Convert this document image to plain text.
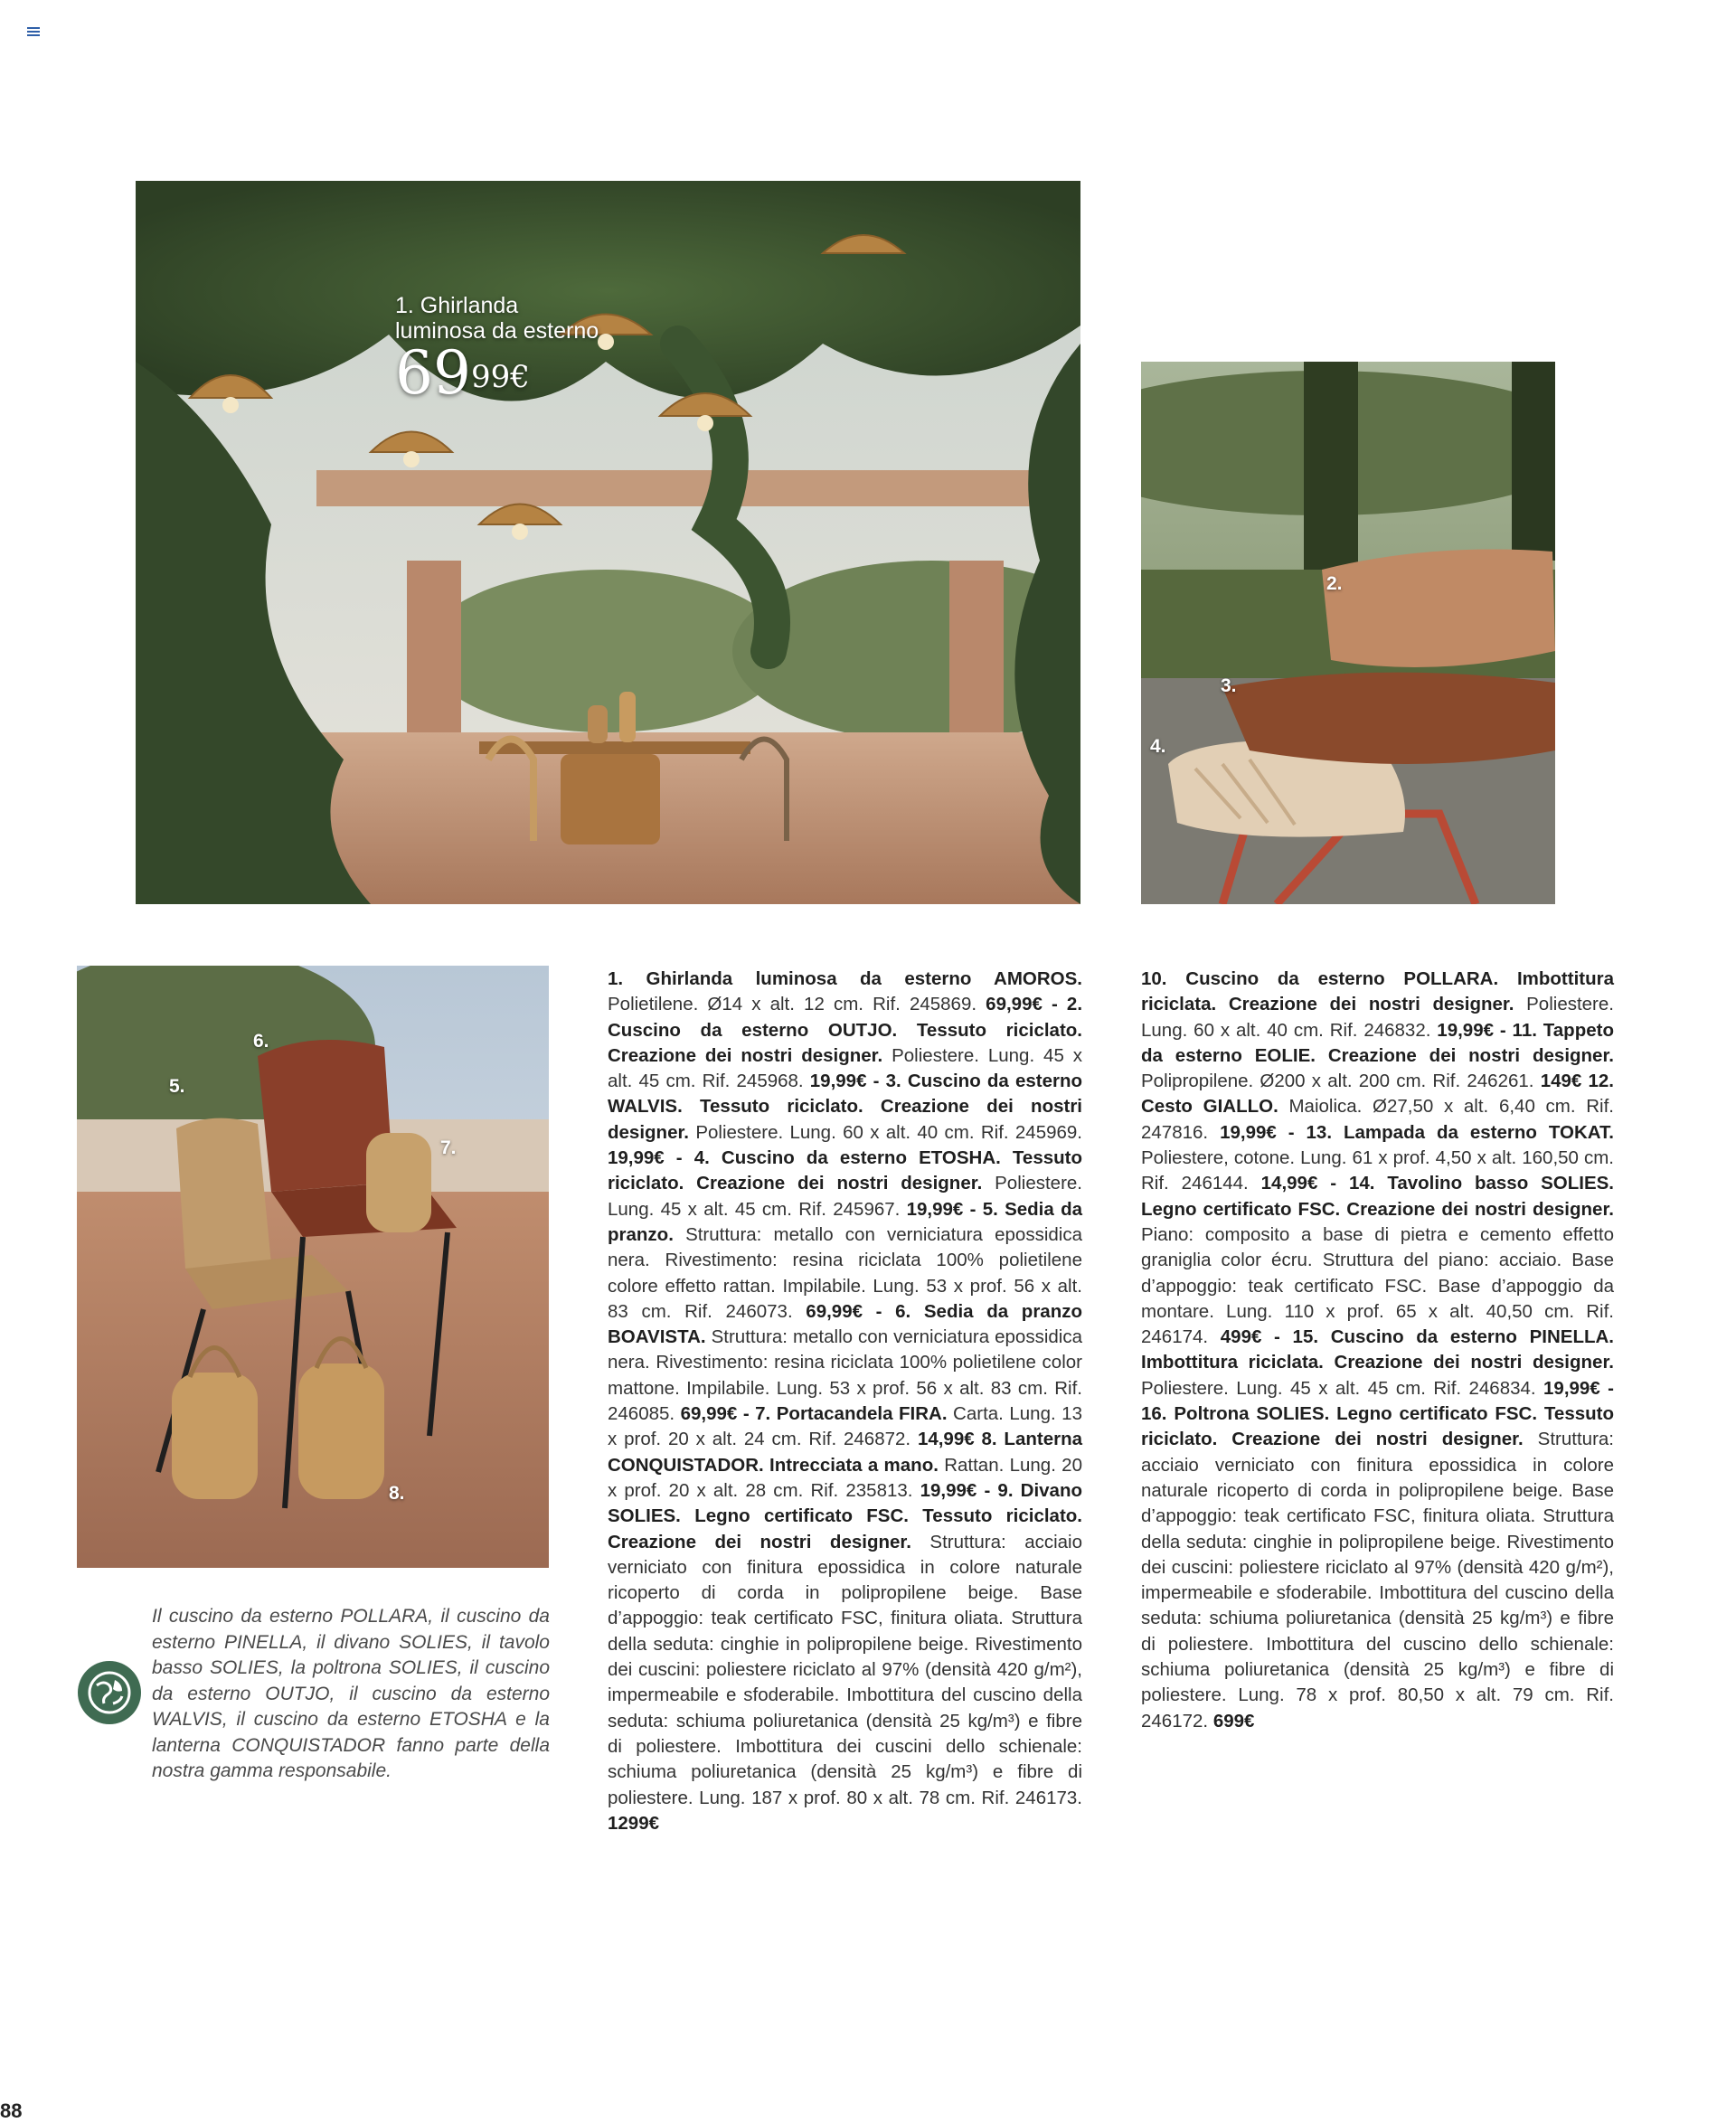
1. Ghirlanda
luminosa da esterno
$69^{99€}$
2.
3.
4.
6.
5.
7.
8.
1. Ghirlanda luminosa da esterno AMOROS. Polietilene. Ø14 x alt. 12 cm. Rif. 245869. 69,99€ - 2. Cuscino da esterno OUTJO. Tessuto riciclato. Creazione dei nostri designer. Poliestere. Lung. 45 x alt. 45 cm. Rif. 245968. 19,99€ - 3. Cuscino da esterno WALVIS. Tessuto riciclato. Creazione dei nostri designer. Poliestere. Lung. 60 x alt. 40 cm. Rif. 245969. 19,99€ - 4. Cuscino da esterno ETOSHA. Tessuto riciclato. Creazione dei nostri designer. Poliestere. Lung. 45 x alt. 45 cm. Rif. 245967. 19,99€ - 5. Sedia da pranzo. Struttura: metallo con verniciatura epossidica nera. Rivestimento: resina riciclata 100% polietilene colore effetto rattan. Impilabile. Lung. 53 x prof. 56 x alt. 83 cm. Rif. 246073. 69,99€ - 6. Sedia da pranzo BOAVISTA. Struttura: metallo con verniciatura epossidica nera. Rivestimento: resina riciclata 100% polietilene color mattone. Impilabile. Lung. 53 x prof. 56 x alt. 83 cm. Rif. 246085. 69,99€ - 7. Portacandela FIRA. Carta. Lung. 13 x prof. 20 x alt. 24 cm. Rif. 246872. 14,99€ 8. Lanterna CONQUISTADOR. Intrecciata a mano. Rattan. Lung. 20 x prof. 20 x alt. 28 cm. Rif. 235813. 19,99€ - 9. Divano SOLIES. Legno certificato FSC. Tessuto riciclato. Creazione dei nostri designer. Struttura: acciaio verniciato con finitura epossidica in colore naturale ricoperto di corda in polipropilene beige. Base d’appoggio: teak certificato FSC, finitura oliata. Struttura della seduta: cinghie in polipropilene beige. Rivestimento dei cuscini: poliestere riciclato al 97% (densità 420 g/m²), impermeabile e sfoderabile. Imbottitura del cuscino della seduta: schiuma poliuretanica (densità 25 kg/m³) e fibre di poliestere. Imbottitura dei cuscini dello schienale: schiuma poliuretanica (densità 25 kg/m³) e fibre di poliestere. Lung. 187 x prof. 80 x alt. 78 cm. Rif. 246173. 1299€
10. Cuscino da esterno POLLARA. Imbottitura riciclata. Creazione dei nostri designer. Poliestere. Lung. 60 x alt. 40 cm. Rif. 246832. 19,99€ - 11. Tappeto da esterno EOLIE. Creazione dei nostri designer. Polipropilene. Ø200 x alt. 200 cm. Rif. 246261. 149€ 12. Cesto GIALLO. Maiolica. Ø27,50 x alt. 6,40 cm. Rif. 247816. 19,99€ - 13. Lampada da esterno TOKAT. Poliestere, cotone. Lung. 61 x prof. 4,50 x alt. 160,50 cm. Rif. 246144. 14,99€ - 14. Tavolino basso SOLIES. Legno certificato FSC. Creazione dei nostri designer. Piano: composito a base di pietra e cemento effetto graniglia color écru. Struttura del piano: acciaio. Base d’appoggio: teak certificato FSC. Base d’appoggio da montare. Lung. 110 x prof. 65 x alt. 40,50 cm. Rif. 246174. 499€ - 15. Cuscino da esterno PINELLA. Imbottitura riciclata. Creazione dei nostri designer. Poliestere. Lung. 45 x alt. 45 cm. Rif. 246834. 19,99€ - 16. Poltrona SOLIES. Legno certificato FSC. Tessuto riciclato. Creazione dei nostri designer. Struttura: acciaio verniciato con finitura epossidica in colore naturale ricoperto di corda in polipropilene beige. Base d’appoggio: teak certificato FSC, finitura oliata. Struttura della seduta: cinghie in polipropilene beige. Rivestimento dei cuscini: poliestere riciclato al 97% (densità 420 g/m²), impermeabile e sfoderabile. Imbottitura del cuscino della seduta: schiuma poliuretanica (densità 25 kg/m³) e fibre di poliestere. Imbottitura del cuscino dello schienale: schiuma poliuretanica (densità 25 kg/m³) e fibre di poliestere. Lung. 78 x prof. 80,50 x alt. 79 cm. Rif. 246172. 699€
Il cuscino da esterno POLLARA, il cuscino da esterno PINELLA, il divano SOLIES, il tavolo basso SOLIES, la poltrona SOLIES, il cuscino da esterno OUTJO, il cuscino da esterno WALVIS, il cuscino da esterno ETOSHA e la lanterna CONQUISTADOR fanno parte della nostra gamma responsabile.
88
